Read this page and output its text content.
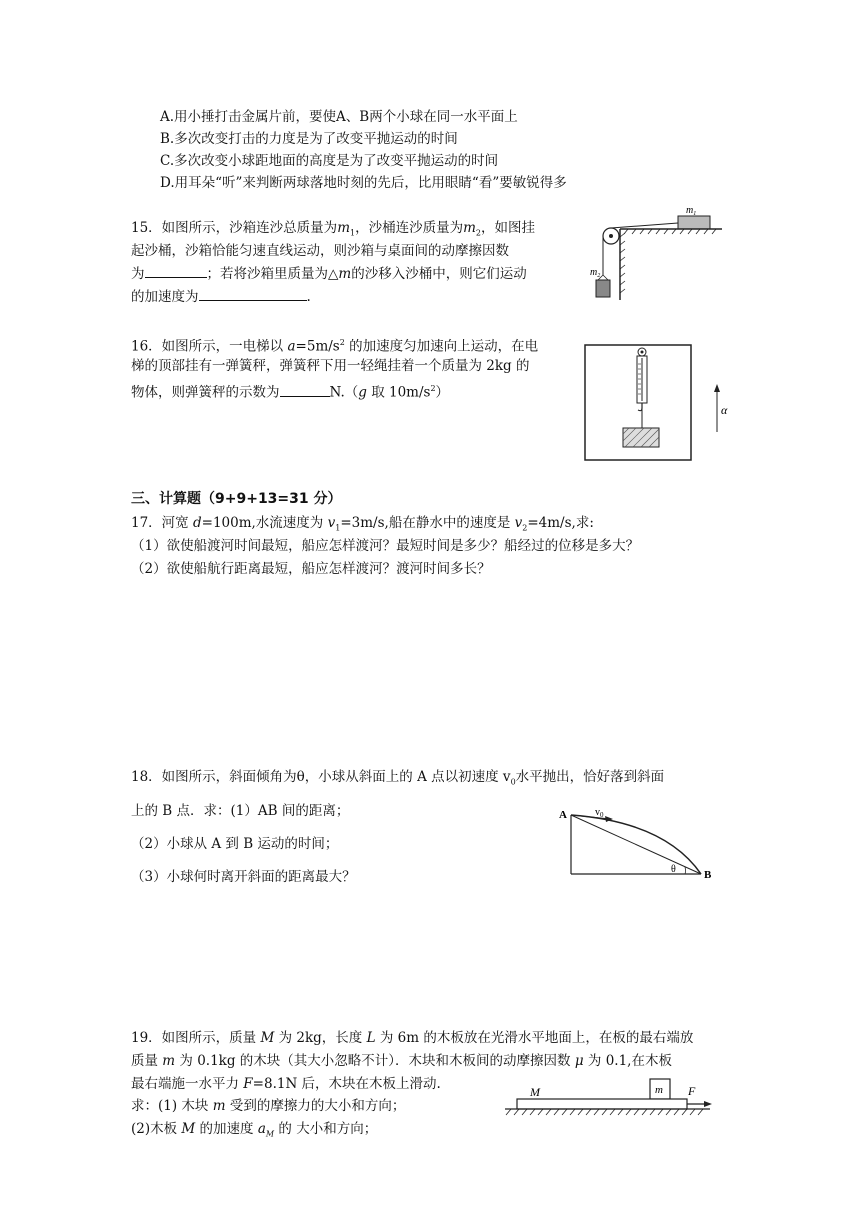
A.用小捶打击金属片前，要使A、B两个小球在同一水平面上
B.多次改变打击的力度是为了改变平抛运动的时间
C.多次改变小球距地面的高度是为了改变平抛运动的时间
D.用耳朵“听”来判断两球落地时刻的先后，比用眼睛“看”要敏锐得多
15．如图所示，沙箱连沙总质量为$m_1$，沙桶连沙质量为$m_2$，如图挂
起沙桶，沙箱恰能匀速直线运动，则沙箱与桌面间的动摩擦因数
为	；若将沙箱里质量为△m的沙移入沙桶中，则它们运动
的加速度为	.
$m_1$
$m_2$
16．如图所示，一电梯以 $a=5m/s^2$ 的加速度匀加速向上运动，在电
梯的顶部挂有一弹簧秤，弹簧秤下用一轻绳挂着一个质量为 2kg 的
物体，则弹簧秤的示数为	N.（g 取 $10m/s^2$）
α
三、计算题（9+9+13=31 分）
17．河宽 d=100m,水流速度为 $v_1=3m/s$,船在静水中的速度是 $v_2=4m/s$,求:
（1）欲使船渡河时间最短，船应怎样渡河？最短时间是多少？船经过的位移是多大？
（2）欲使船航行距离最短，船应怎样渡河？渡河时间多长？
18．如图所示，斜面倾角为θ，小球从斜面上的 A 点以初速度 $v_0$水平抛出，恰好落到斜面
上的 B 点．求：(1）AB 间的距离；
（2）小球从 A 到 B 运动的时间；
（3）小球何时离开斜面的距离最大？
A
B
$v_0$
θ
19．如图所示，质量 M 为 2kg，长度 L 为 6m 的木板放在光滑水平地面上，在板的最右端放
质量 m 为 0.1kg 的木块（其大小忽略不计）．木块和木板间的动摩擦因数 μ 为 0.1,在木板
最右端施一水平力 F=8.1N 后，木块在木板上滑动.
求：(1) 木块 m 受到的摩擦力的大小和方向；
(2)木板 M 的加速度 $a_M$ 的 大小和方向；
m
M	F
